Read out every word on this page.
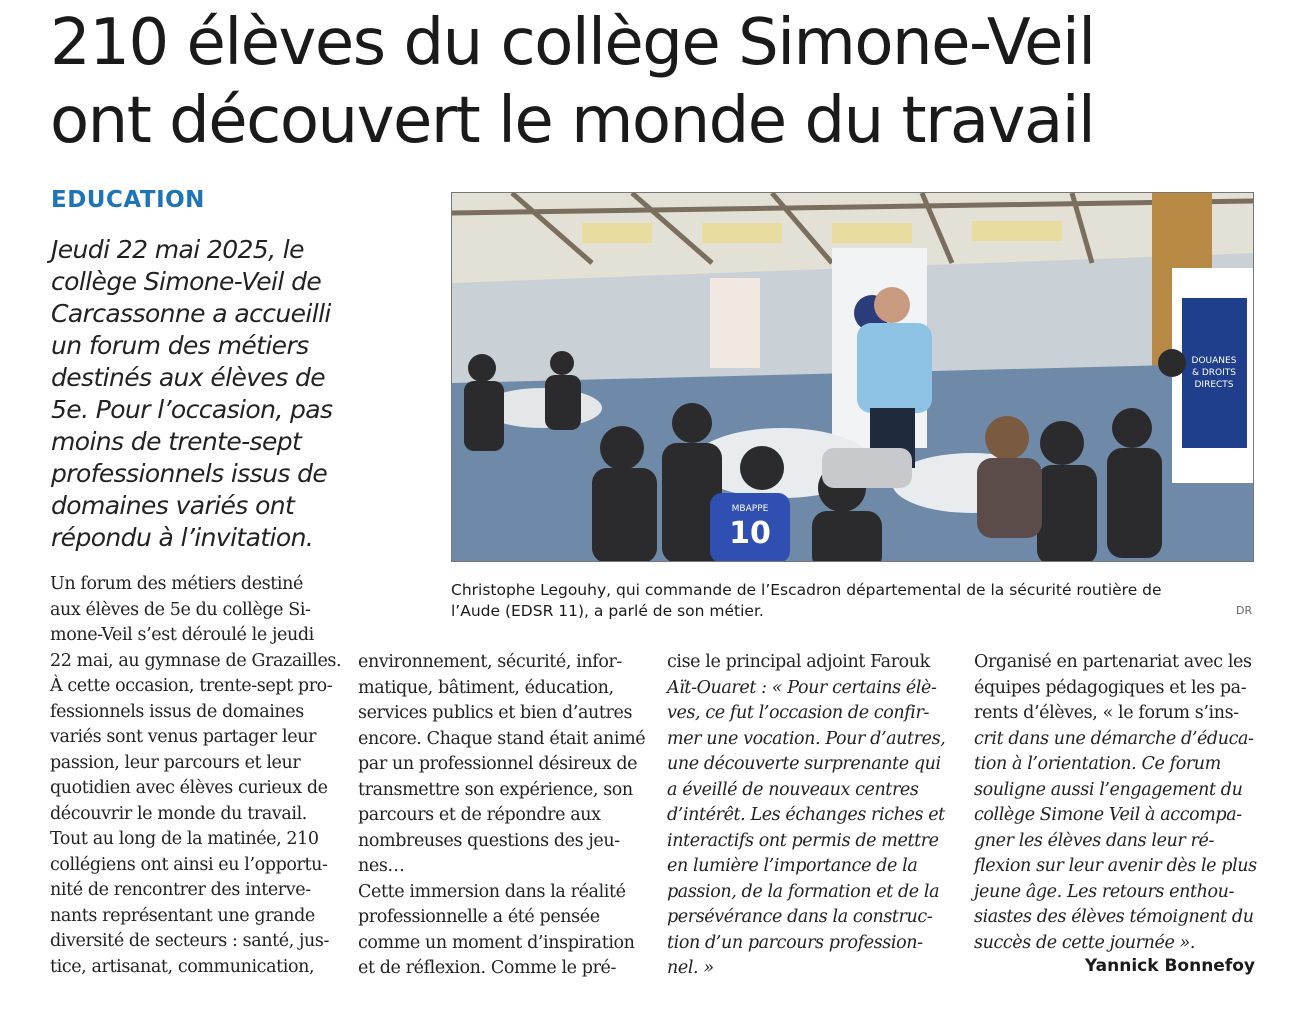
210 élèves du collège Simone-Veil
ont découvert le monde du travail
EDUCATION
Jeudi 22 mai 2025, le
collège Simone-Veil de
Carcassonne a accueilli
un forum des métiers
destinés aux élèves de
5e. Pour l’occasion, pas
moins de trente-sept
professionnels issus de
domaines variés ont
répondu à l’invitation.
DOUANES
& DROITS
DIRECTS
MBAPPE
10
Christophe Legouhy, qui commande de l’Escadron départemental de la sécurité routière de
l’Aude (EDSR 11), a parlé de son métier.	DR
Un forum des métiers destiné
aux élèves de 5e du collège Si-
mone-Veil s’est déroulé le jeudi
22 mai, au gymnase de Grazailles.
À cette occasion, trente-sept pro-
fessionnels issus de domaines
variés sont venus partager leur
passion, leur parcours et leur
quotidien avec élèves curieux de
découvrir le monde du travail.
Tout au long de la matinée, 210
collégiens ont ainsi eu l’opportu-
nité de rencontrer des interve-
nants représentant une grande
diversité de secteurs : santé, jus-
tice, artisanat, communication,
environnement, sécurité, infor-
matique, bâtiment, éducation,
services publics et bien d’autres
encore. Chaque stand était animé
par un professionnel désireux de
transmettre son expérience, son
parcours et de répondre aux
nombreuses questions des jeu-
nes…
Cette immersion dans la réalité
professionnelle a été pensée
comme un moment d’inspiration
et de réflexion. Comme le pré-
cise le principal adjoint Farouk
Aït-Ouaret : « Pour certains élè-
ves, ce fut l’occasion de confir-
mer une vocation. Pour d’autres,
une découverte surprenante qui
a éveillé de nouveaux centres
d’intérêt. Les échanges riches et
interactifs ont permis de mettre
en lumière l’importance de la
passion, de la formation et de la
persévérance dans la construc-
tion d’un parcours profession-
nel. »
Organisé en partenariat avec les
équipes pédagogiques et les pa-
rents d’élèves, « le forum s’ins-
crit dans une démarche d’éduca-
tion à l’orientation. Ce forum
souligne aussi l’engagement du
collège Simone Veil à accompa-
gner les élèves dans leur ré-
flexion sur leur avenir dès le plus
jeune âge. Les retours enthou-
siastes des élèves témoignent du
succès de cette journée ».
Yannick Bonnefoy
